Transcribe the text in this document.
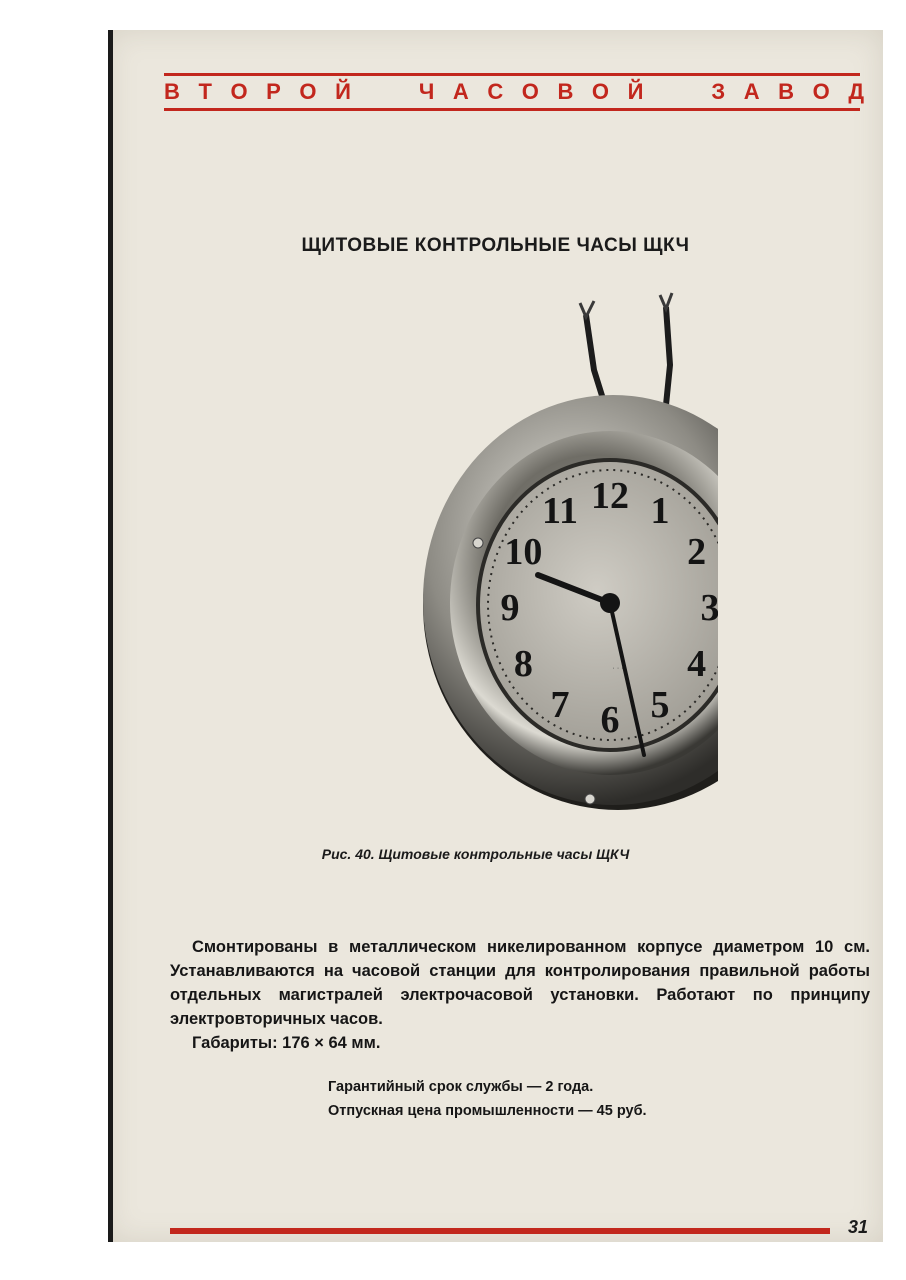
В Т О Р О Й

	Ч А С О В О Й

	З А В О Д
ЩИТОВЫЕ КОНТРОЛЬНЫЕ ЧАСЫ ЩКЧ
12 1
2
3
4
5
6
7
8
9
10
11
· · ·
Рис. 40. Щитовые контрольные часы ЩКЧ

Смонтированы в металлическом никелированном корпусе диаметром 10 см. Устанавливаются на часовой станции для контролирования правильной работы отдельных магистралей электрочасовой установки. Работают по принципу электровторичных часов.

Габариты: 176 × 64 мм.

Гарантийный срок службы — 2 года.
Отпускная цена промышленности — 45 руб.
31
